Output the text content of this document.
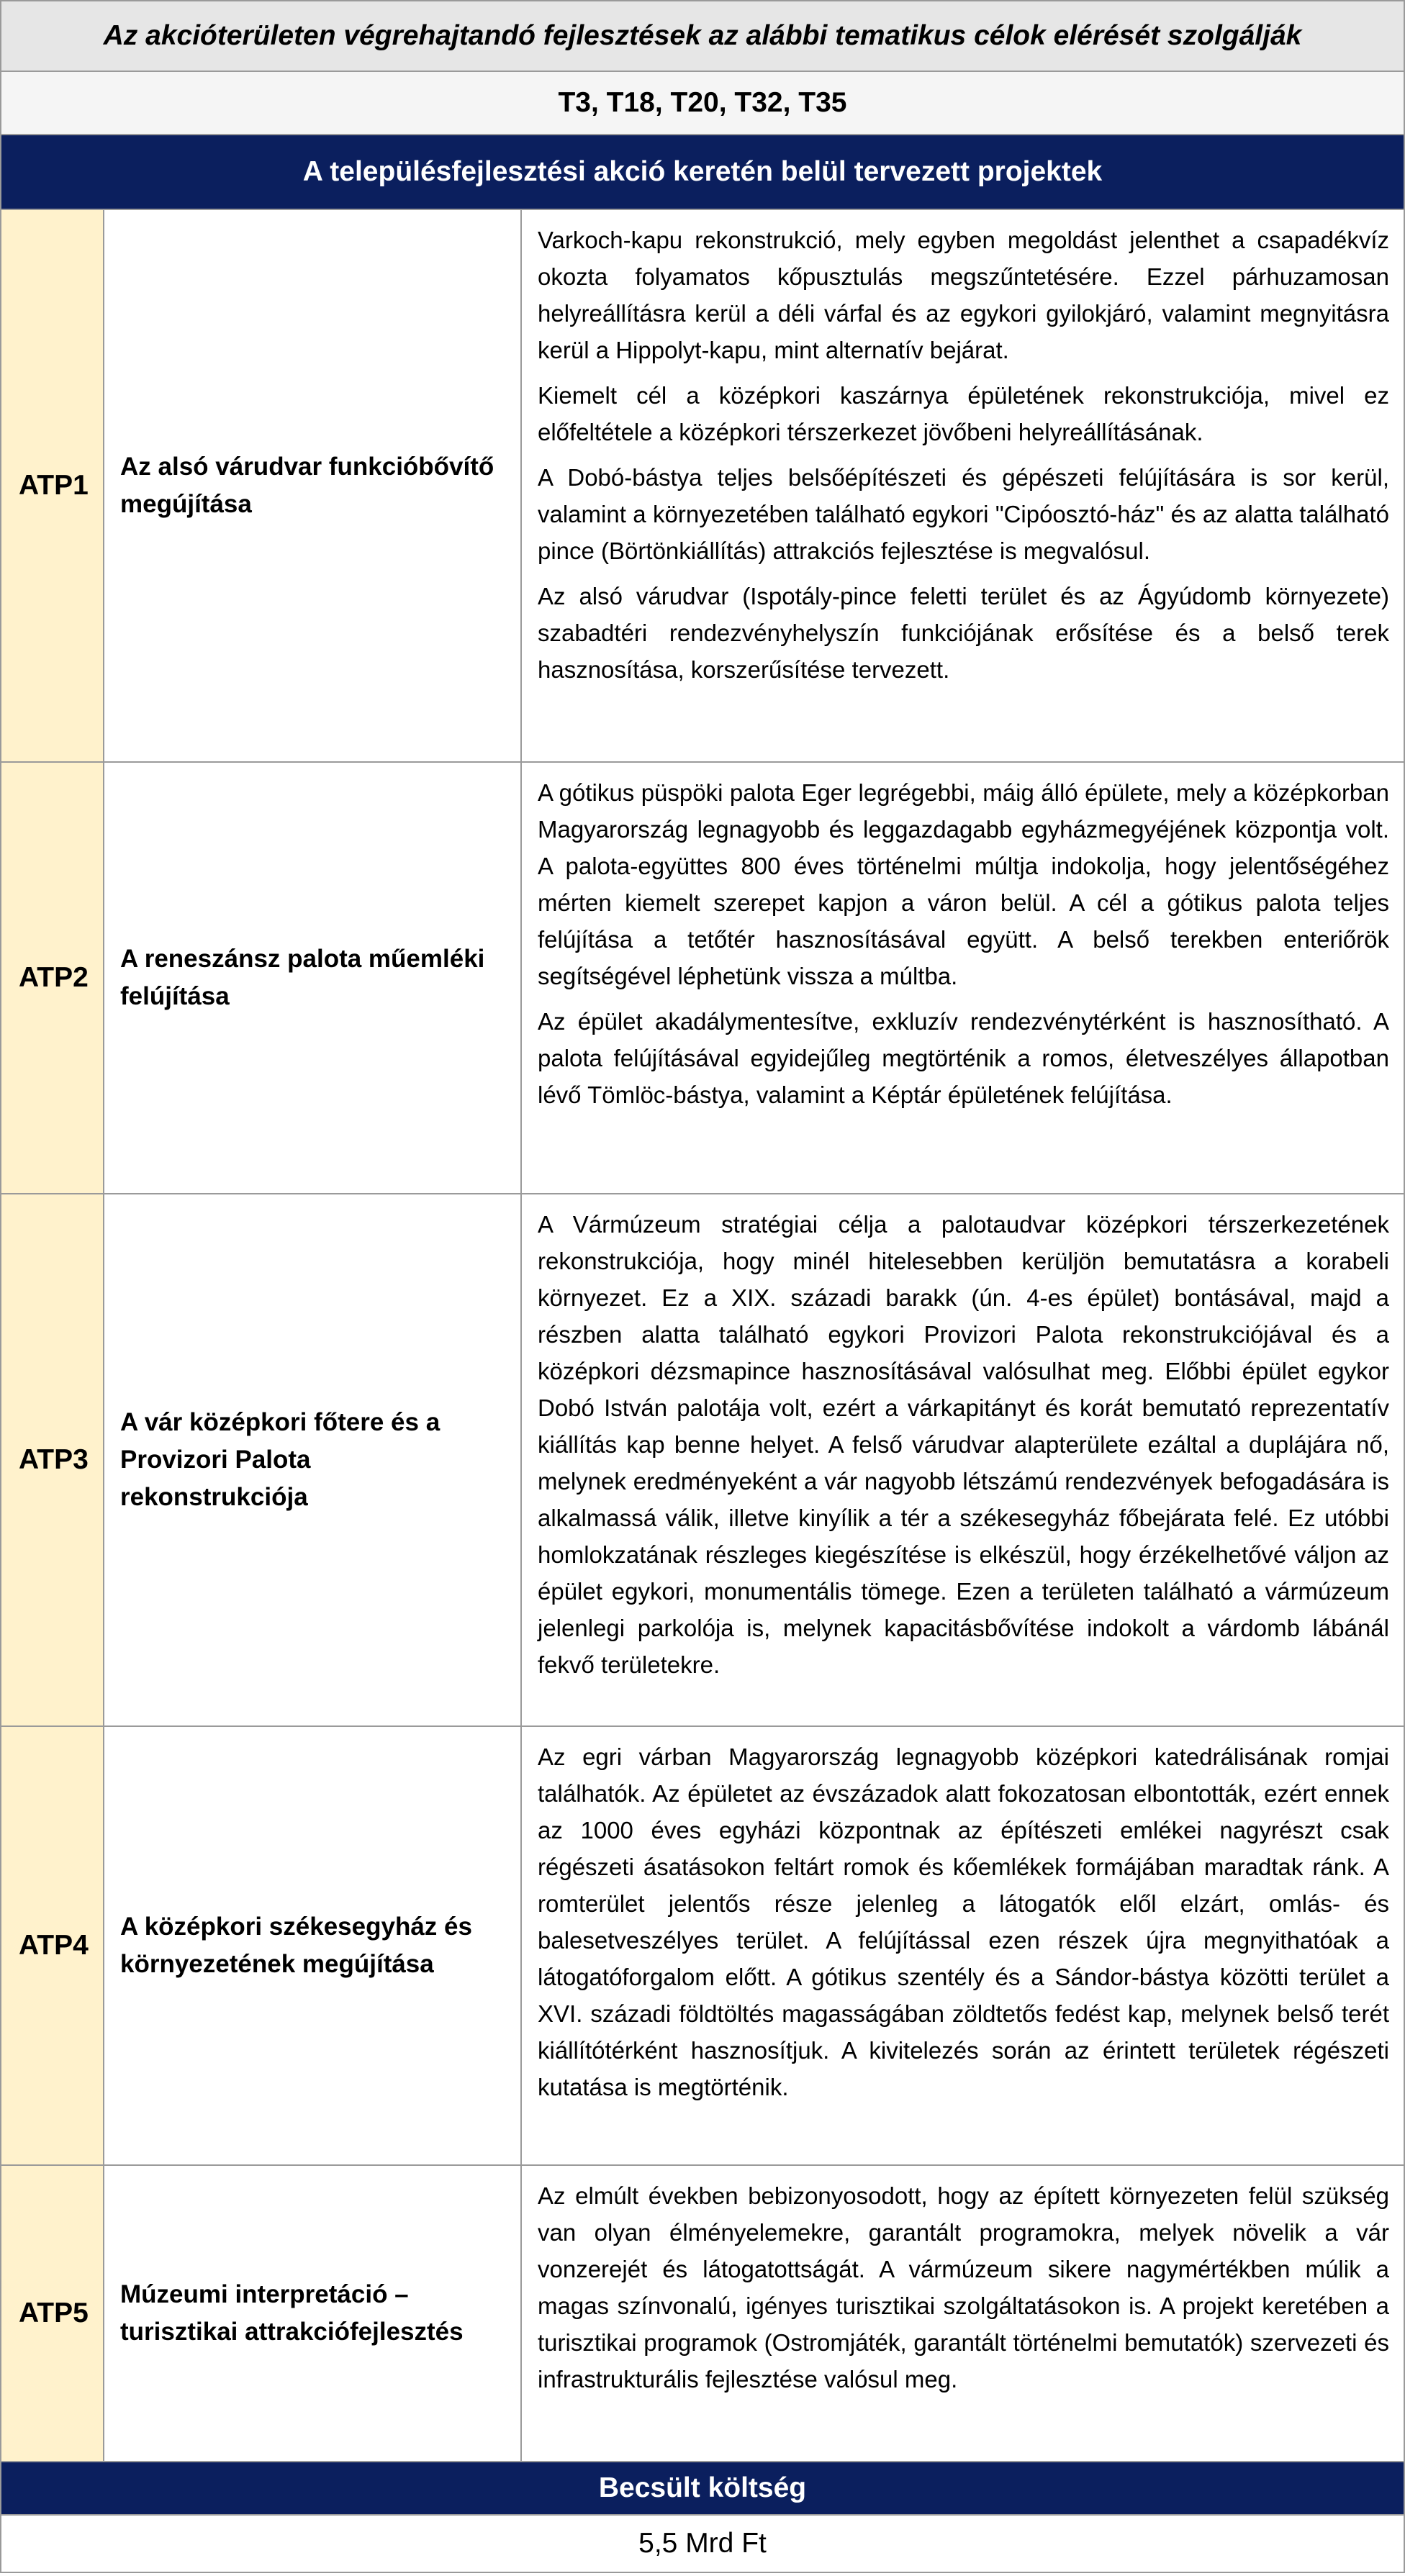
Az akcióterületen végrehajtandó fejlesztések az alábbi tematikus célok elérését szolgálják
T3, T18, T20, T32, T35
A településfejlesztési akció keretén belül tervezett projektek
ATP1
Az alsó várudvar funkcióbővítő megújítása

Varkoch-kapu rekonstrukció, mely egyben megoldást jelenthet a csapadékvíz okozta folyamatos kőpusztulás megszűntetésére. Ezzel párhuzamosan helyreállításra kerül a déli várfal és az egykori gyilokjáró, valamint megnyitásra kerül a Hippolyt-kapu, mint alternatív bejárat.

Kiemelt cél a középkori kaszárnya épületének rekonstrukciója, mivel ez előfeltétele a középkori térszerkezet jövőbeni helyreállításának.

A Dobó-bástya teljes belsőépítészeti és gépészeti felújítására is sor kerül, valamint a környezetében található egykori "Cipóosztó-ház" és az alatta található pince (Börtönkiállítás) attrakciós fejlesztése is megvalósul.

Az alsó várudvar (Ispotály-pince feletti terület és az Ágyúdomb környezete) szabadtéri rendezvényhelyszín funkciójának erősítése és a belső terek hasznosítása, korszerűsítése tervezett.

ATP2
A reneszánsz palota műemléki felújítása

A gótikus püspöki palota Eger legrégebbi, máig álló épülete, mely a középkorban Magyarország legnagyobb és leggazdagabb egyházmegyéjének központja volt. A palota-együttes 800 éves történelmi múltja indokolja, hogy jelentőségéhez mérten kiemelt szerepet kapjon a váron belül. A cél a gótikus palota teljes felújítása a tetőtér hasznosításával együtt. A belső terekben enteriőrök segítségével léphetünk vissza a múltba.

Az épület akadálymentesítve, exkluzív rendezvénytérként is hasznosítható. A palota felújításával egyidejűleg megtörténik a romos, életveszélyes állapotban lévő Tömlöc-bástya, valamint a Képtár épületének felújítása.

ATP3
A vár középkori főtere és a Provizori Palota rekonstrukciója

A Vármúzeum stratégiai célja a palotaudvar középkori térszerkezetének rekonstrukciója, hogy minél hitelesebben kerüljön bemutatásra a korabeli környezet. Ez a XIX. századi barakk (ún. 4-es épület) bontásával, majd a részben alatta található egykori Provizori Palota rekonstrukciójával és a középkori dézsmapince hasznosításával valósulhat meg. Előbbi épület egykor Dobó István palotája volt, ezért a várkapitányt és korát bemutató reprezentatív kiállítás kap benne helyet. A felső várudvar alapterülete ezáltal a duplájára nő, melynek eredményeként a vár nagyobb létszámú rendezvények befogadására is alkalmassá válik, illetve kinyílik a tér a székesegyház főbejárata felé. Ez utóbbi homlokzatának részleges kiegészítése is elkészül, hogy érzékelhetővé váljon az épület egykori, monumentális tömege. Ezen a területen található a vármúzeum jelenlegi parkolója is, melynek kapacitásbővítése indokolt a várdomb lábánál fekvő területekre.

ATP4
A középkori székesegyház és környezetének megújítása

Az egri várban Magyarország legnagyobb középkori katedrálisának romjai találhatók. Az épületet az évszázadok alatt fokozatosan elbontották, ezért ennek az 1000 éves egyházi központnak az építészeti emlékei nagyrészt csak régészeti ásatásokon feltárt romok és kőemlékek formájában maradtak ránk. A romterület jelentős része jelenleg a látogatók elől elzárt, omlás- és balesetveszélyes terület. A felújítással ezen részek újra megnyithatóak a látogatóforgalom előtt. A gótikus szentély és a Sándor-bástya közötti terület a XVI. századi földtöltés magasságában zöldtetős fedést kap, melynek belső terét kiállítótérként hasznosítjuk. A kivitelezés során az érintett területek régészeti kutatása is megtörténik.

ATP5
Múzeumi interpretáció – turisztikai attrakciófejlesztés

Az elmúlt években bebizonyosodott, hogy az épített környezeten felül szükség van olyan élményelemekre, garantált programokra, melyek növelik a vár vonzerejét és látogatottságát. A vármúzeum sikere nagymértékben múlik a magas színvonalú, igényes turisztikai szolgáltatásokon is. A projekt keretében a turisztikai programok (Ostromjáték, garantált történelmi bemutatók) szervezeti és infrastrukturális fejlesztése valósul meg.

Becsült költség
5,5 Mrd Ft
